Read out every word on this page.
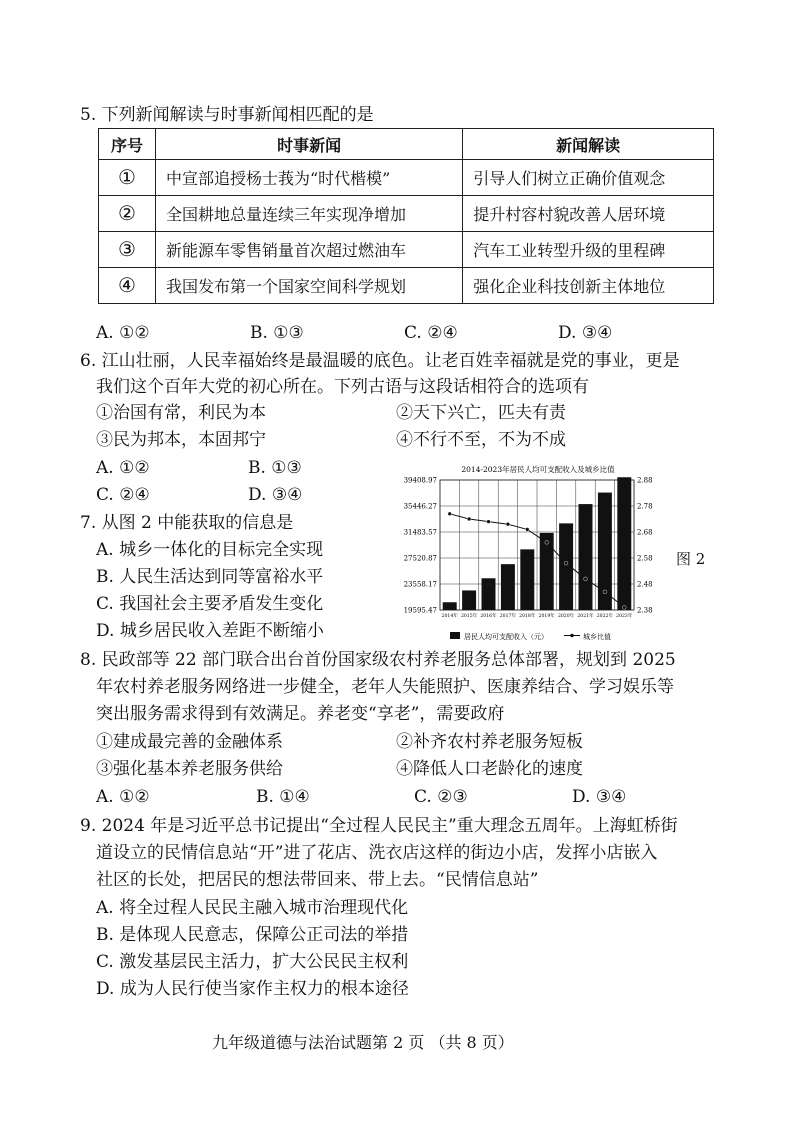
5. 下列新闻解读与时事新闻相匹配的是
序号	时事新闻	新闻解读
①	中宣部追授杨士莪为“时代楷模”	引导人们树立正确价值观念
②	全国耕地总量连续三年实现净增加	提升村容村貌改善人居环境
③	新能源车零售销量首次超过燃油车	汽车工业转型升级的里程碑
④	我国发布第一个国家空间科学规划	强化企业科技创新主体地位
A. ①②	B. ①③	C. ②④	D. ③④
6. 江山壮丽，人民幸福始终是最温暖的底色。让老百姓幸福就是党的事业，更是
我们这个百年大党的初心所在。下列古语与这段话相符合的选项有
①治国有常，利民为本	②天下兴亡，匹夫有责
③民为邦本，本固邦宁	④不行不至，不为不成
A. ①②	B. ①③
C. ②④	D. ③④
7. 从图 2 中能获取的信息是
A. 城乡一体化的目标完全实现
B. 人民生活达到同等富裕水平
C. 我国社会主要矛盾发生变化
D. 城乡居民收入差距不断缩小
图 2
2014-2023年居民人均可支配收入及城乡比值
39408.97	2.88
35446.27	2.78
31483.57	2.68
27520.87	2.58
23558.17	2.48
19595.47	2.38
2014年 2015年 2016年 2017年 2018年 2019年 2020年 2021年 2022年 2023年
居民人均可支配收入（元）	城乡比值
8. 民政部等 22 部门联合出台首份国家级农村养老服务总体部署，规划到 2025
年农村养老服务网络进一步健全，老年人失能照护、医康养结合、学习娱乐等
突出服务需求得到有效满足。养老变“享老”，需要政府
①建成最完善的金融体系	②补齐农村养老服务短板
③强化基本养老服务供给	④降低人口老龄化的速度
A. ①②	B. ①④	C. ②③	D. ③④
9. 2024 年是习近平总书记提出“全过程人民民主”重大理念五周年。上海虹桥街
道设立的民情信息站“开”进了花店、洗衣店这样的街边小店，发挥小店嵌入
社区的长处，把居民的想法带回来、带上去。“民情信息站”
A. 将全过程人民民主融入城市治理现代化
B. 是体现人民意志，保障公正司法的举措
C. 激发基层民主活力，扩大公民民主权利
D. 成为人民行使当家作主权力的根本途径
九年级道德与法治试题第 2 页 （共 8 页）
